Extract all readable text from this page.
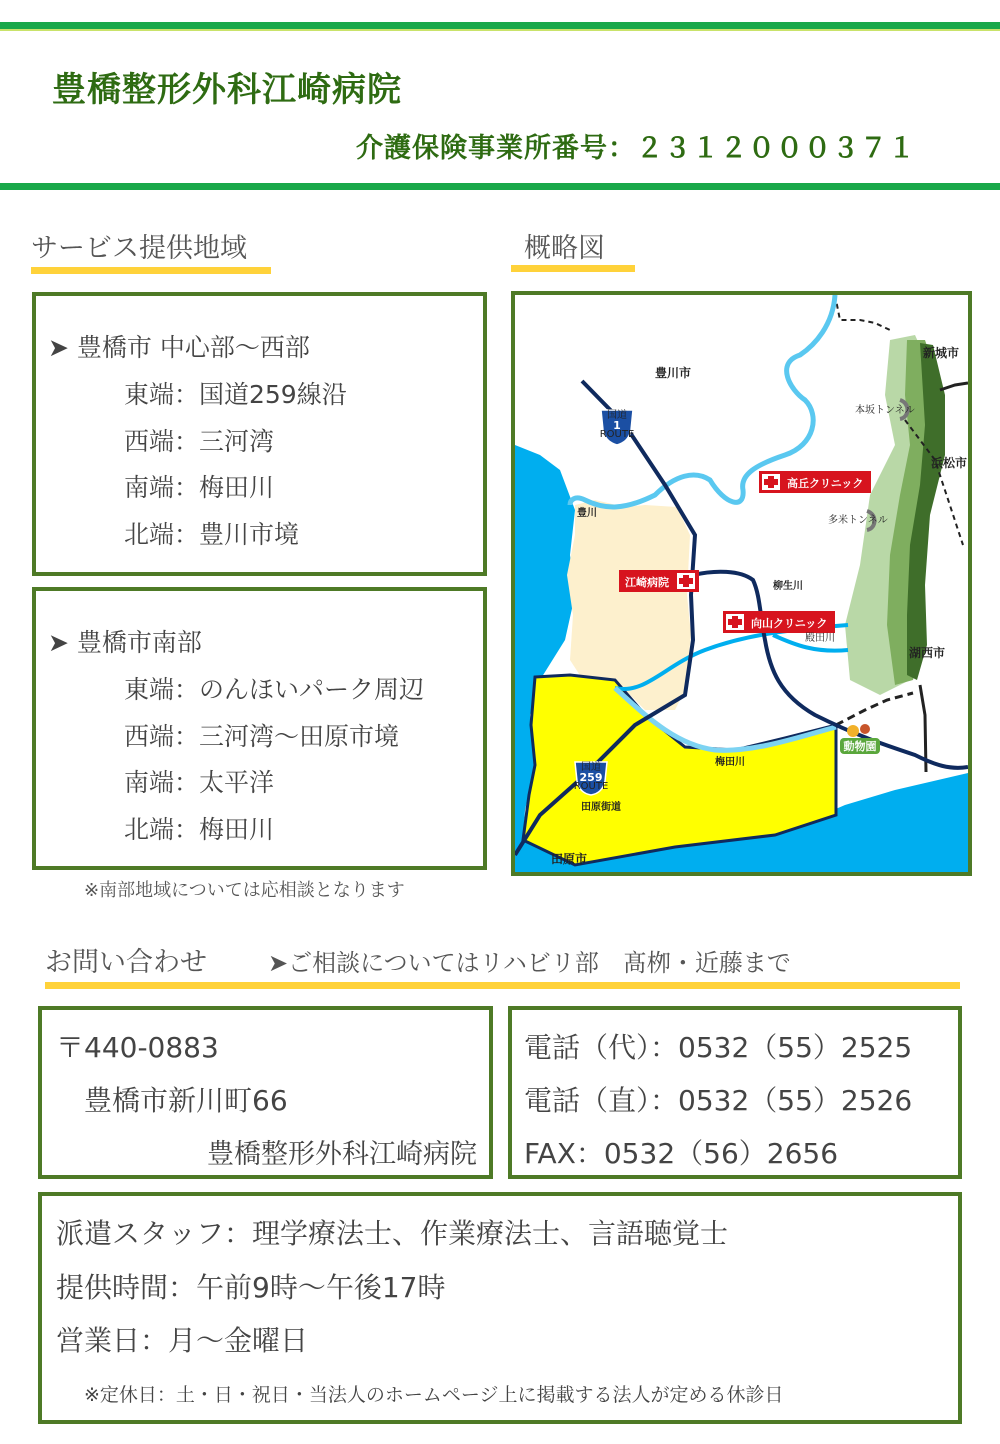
豊橋整形外科江崎病院
介護保険事業所番号：２３１２０００３７１
サービス提供地域	概略図
➤ 豊橋市 中心部～西部
東端：国道259線沿
西端：三河湾
南端：梅田川
北端：豊川市境
➤ 豊橋市南部
東端：のんほいパーク周辺
西端：三河湾～田原市境
南端：太平洋
北端：梅田川
※南部地域については応相談となります
国道
1
ROUTE
国道
259
ROUTE
高丘クリニック
江崎病院
向山クリニック
動物園
豊川市
新城市
浜松市
湖西市
田原市
豊川
柳生川
殿田川
梅田川
本坂トンネル
多米トンネル
田原街道
お問い合わせ	➤ご相談についてはリハビリ部　髙栁・近藤まで
〒440-0883
豊橋市新川町66
豊橋整形外科江崎病院
電話（代）：0532（55）2525
電話（直）：0532（55）2526
FAX：0532（56）2656
派遣スタッフ：理学療法士、作業療法士、言語聴覚士
提供時間：午前9時～午後17時
営業日：月～金曜日
※定休日：土・日・祝日・当法人のホームページ上に掲載する法人が定める休診日
